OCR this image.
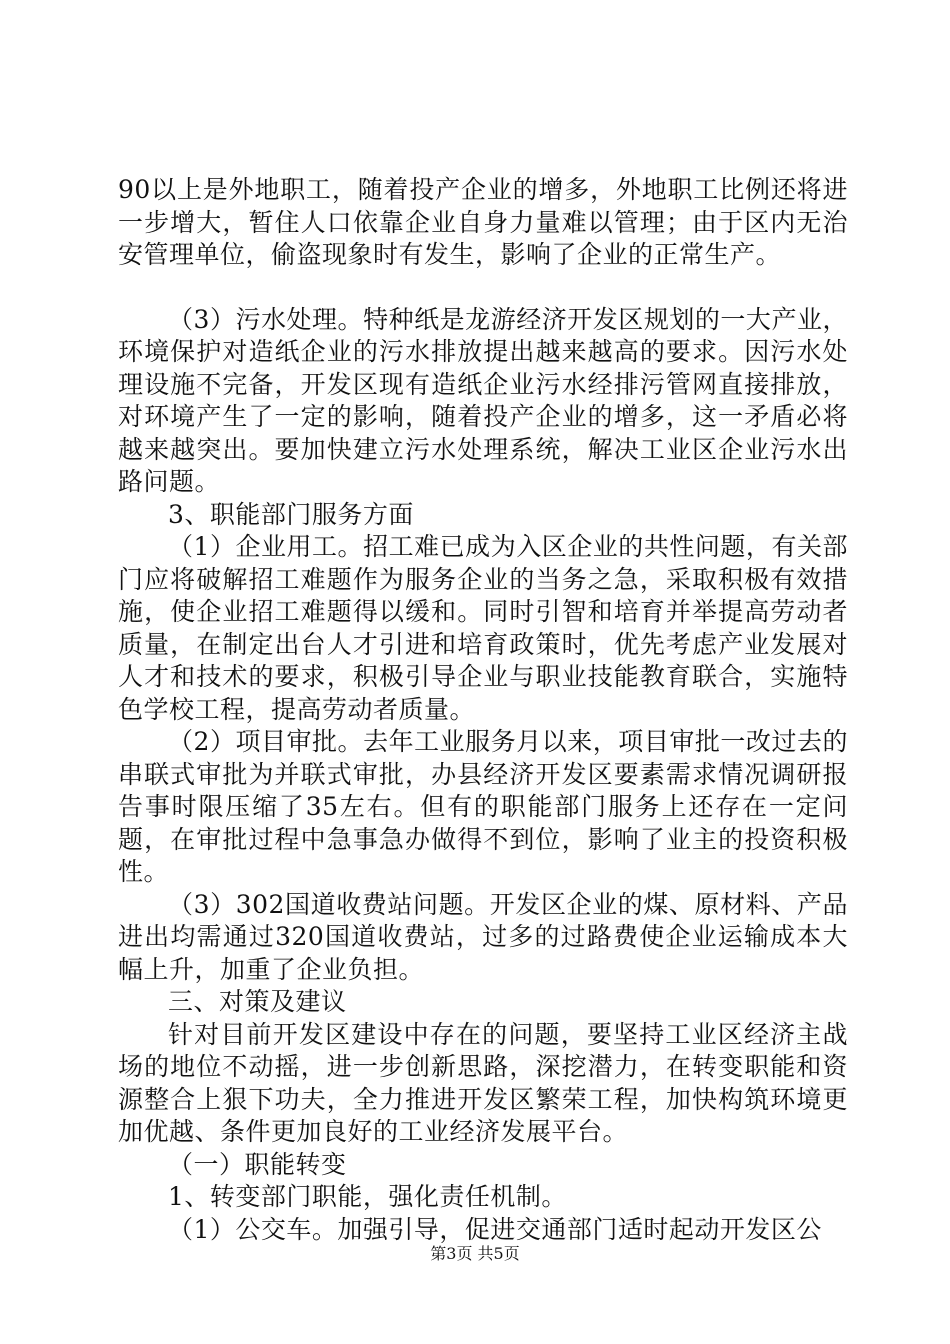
90以上是外地职工，随着投产企业的增多，外地职工比例还将进一步增大，暂住人口依靠企业自身力量难以管理；由于区内无治安管理单位，偷盗现象时有发生，影响了企业的正常生产。

（3）污水处理。特种纸是龙游经济开发区规划的一大产业，环境保护对造纸企业的污水排放提出越来越高的要求。因污水处理设施不完备，开发区现有造纸企业污水经排污管网直接排放，对环境产生了一定的影响，随着投产企业的增多，这一矛盾必将越来越突出。要加快建立污水处理系统，解决工业区企业污水出路问题。

3、职能部门服务方面

（1）企业用工。招工难已成为入区企业的共性问题，有关部门应将破解招工难题作为服务企业的当务之急，采取积极有效措施，使企业招工难题得以缓和。同时引智和培育并举提高劳动者质量，在制定出台人才引进和培育政策时，优先考虑产业发展对人才和技术的要求，积极引导企业与职业技能教育联合，实施特色学校工程，提高劳动者质量。

（2）项目审批。去年工业服务月以来，项目审批一改过去的串联式审批为并联式审批，办县经济开发区要素需求情况调研报告事时限压缩了35左右。但有的职能部门服务上还存在一定问题，在审批过程中急事急办做得不到位，影响了业主的投资积极性。

（3）302国道收费站问题。开发区企业的煤、原材料、产品进出均需通过320国道收费站，过多的过路费使企业运输成本大幅上升，加重了企业负担。

三、对策及建议

针对目前开发区建设中存在的问题，要坚持工业区经济主战场的地位不动摇，进一步创新思路，深挖潜力，在转变职能和资源整合上狠下功夫，全力推进开发区繁荣工程，加快构筑环境更加优越、条件更加良好的工业经济发展平台。

（一）职能转变

1、转变部门职能，强化责任机制。

（1）公交车。加强引导，促进交通部门适时起动开发区公

第3页 共5页
